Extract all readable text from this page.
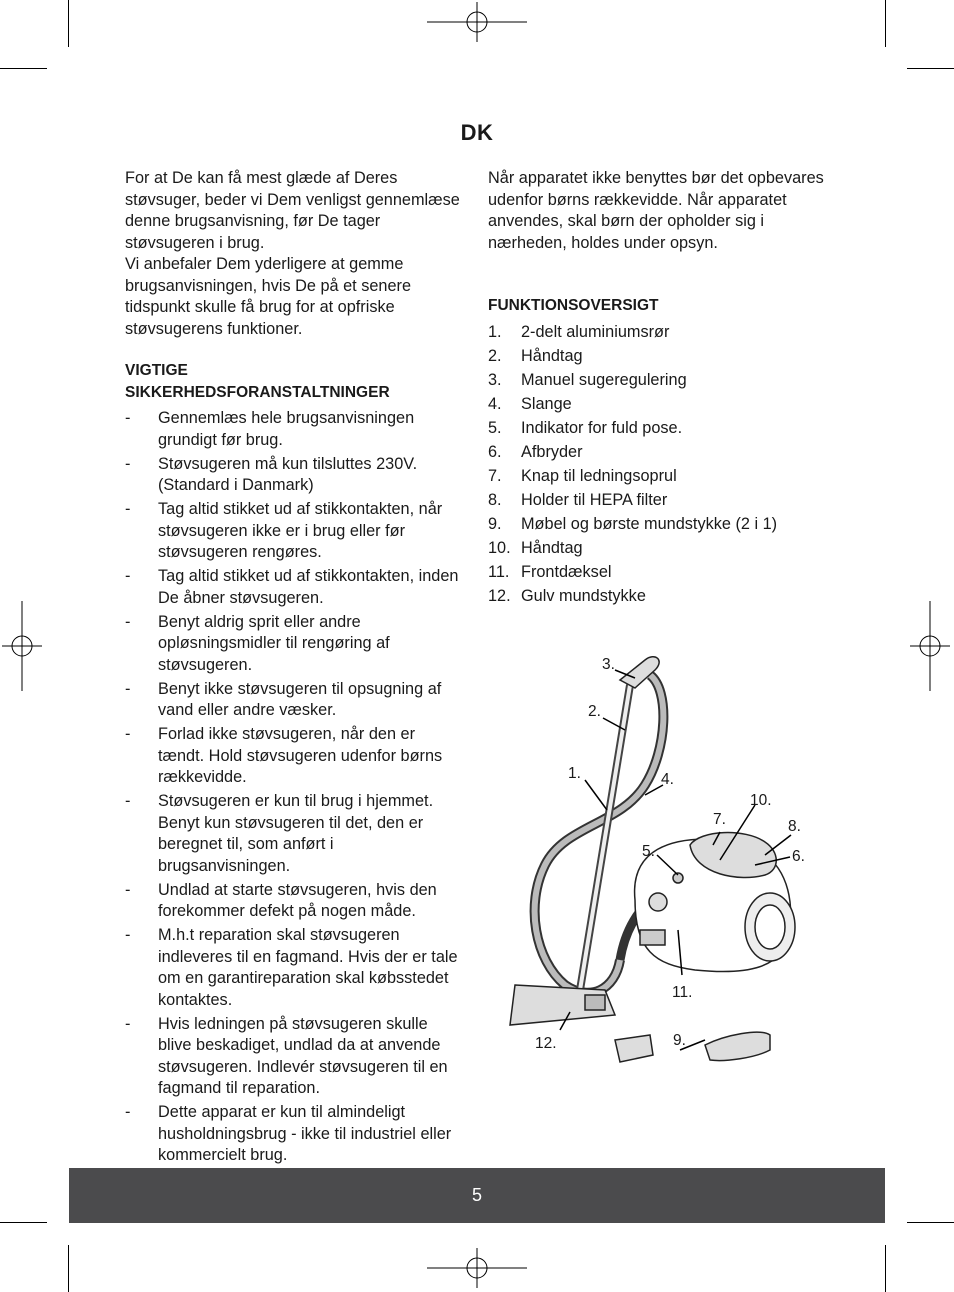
DK

For at De kan få mest glæde af Deres støvsuger, beder vi Dem venligst gennemlæse denne brugsanvisning, før De tager støvsugeren i brug.

Vi anbefaler Dem yderligere at gemme brugsanvisningen, hvis De på et senere tidspunkt skulle få brug for at opfriske støvsugerens funktioner.

VIGTIGE
SIKKERHEDSFORANSTALTNINGER
- Gennemlæs hele brugsanvisningen grundigt før brug.
- Støvsugeren må kun tilsluttes 230V. (Standard i Danmark)
- Tag altid stikket ud af stikkontakten, når støvsugeren ikke er i brug eller før støvsugeren rengøres.
- Tag altid stikket ud af stikkontakten, inden De åbner støvsugeren.
- Benyt aldrig sprit eller andre opløsningsmidler til rengøring af støvsugeren.
- Benyt ikke støvsugeren til opsugning af vand eller andre væsker.
- Forlad ikke støvsugeren, når den er tændt. Hold støvsugeren udenfor børns rækkevidde.
- Støvsugeren er kun til brug i hjemmet. Benyt kun støvsugeren til det, den er beregnet til, som anført i brugsanvisningen.
- Undlad at starte støvsugeren, hvis den forekommer defekt på nogen måde.
- M.h.t reparation skal støvsugeren indleveres til en fagmand. Hvis der er tale om en garantireparation skal købsstedet kontaktes.
- Hvis ledningen på støvsugeren skulle blive beskadiget, undlad da at anvende støvsugeren. Indlevér støvsugeren til en fagmand til reparation.
- Dette apparat er kun til almindeligt husholdningsbrug - ikke til industriel eller kommercielt brug.

Når apparatet ikke benyttes bør det opbevares udenfor børns rækkevidde. Når apparatet anvendes, skal børn der opholder sig i nærheden, holdes under opsyn.

FUNKTIONSOVERSIGT
1. 2-delt aluminiumsrør
2. Håndtag
3. Manuel sugeregulering
4. Slange
5. Indikator for fuld pose.
6. Afbryder
7. Knap til ledningsoprul
8. Holder til HEPA filter
9. Møbel og børste mundstykke (2 i 1)
10. Håndtag
11. Frontdæksel
12. Gulv mundstykke
3.
2.
1.	4.
5.	6.
7.	8.
9.
10.
11.
12.
5
